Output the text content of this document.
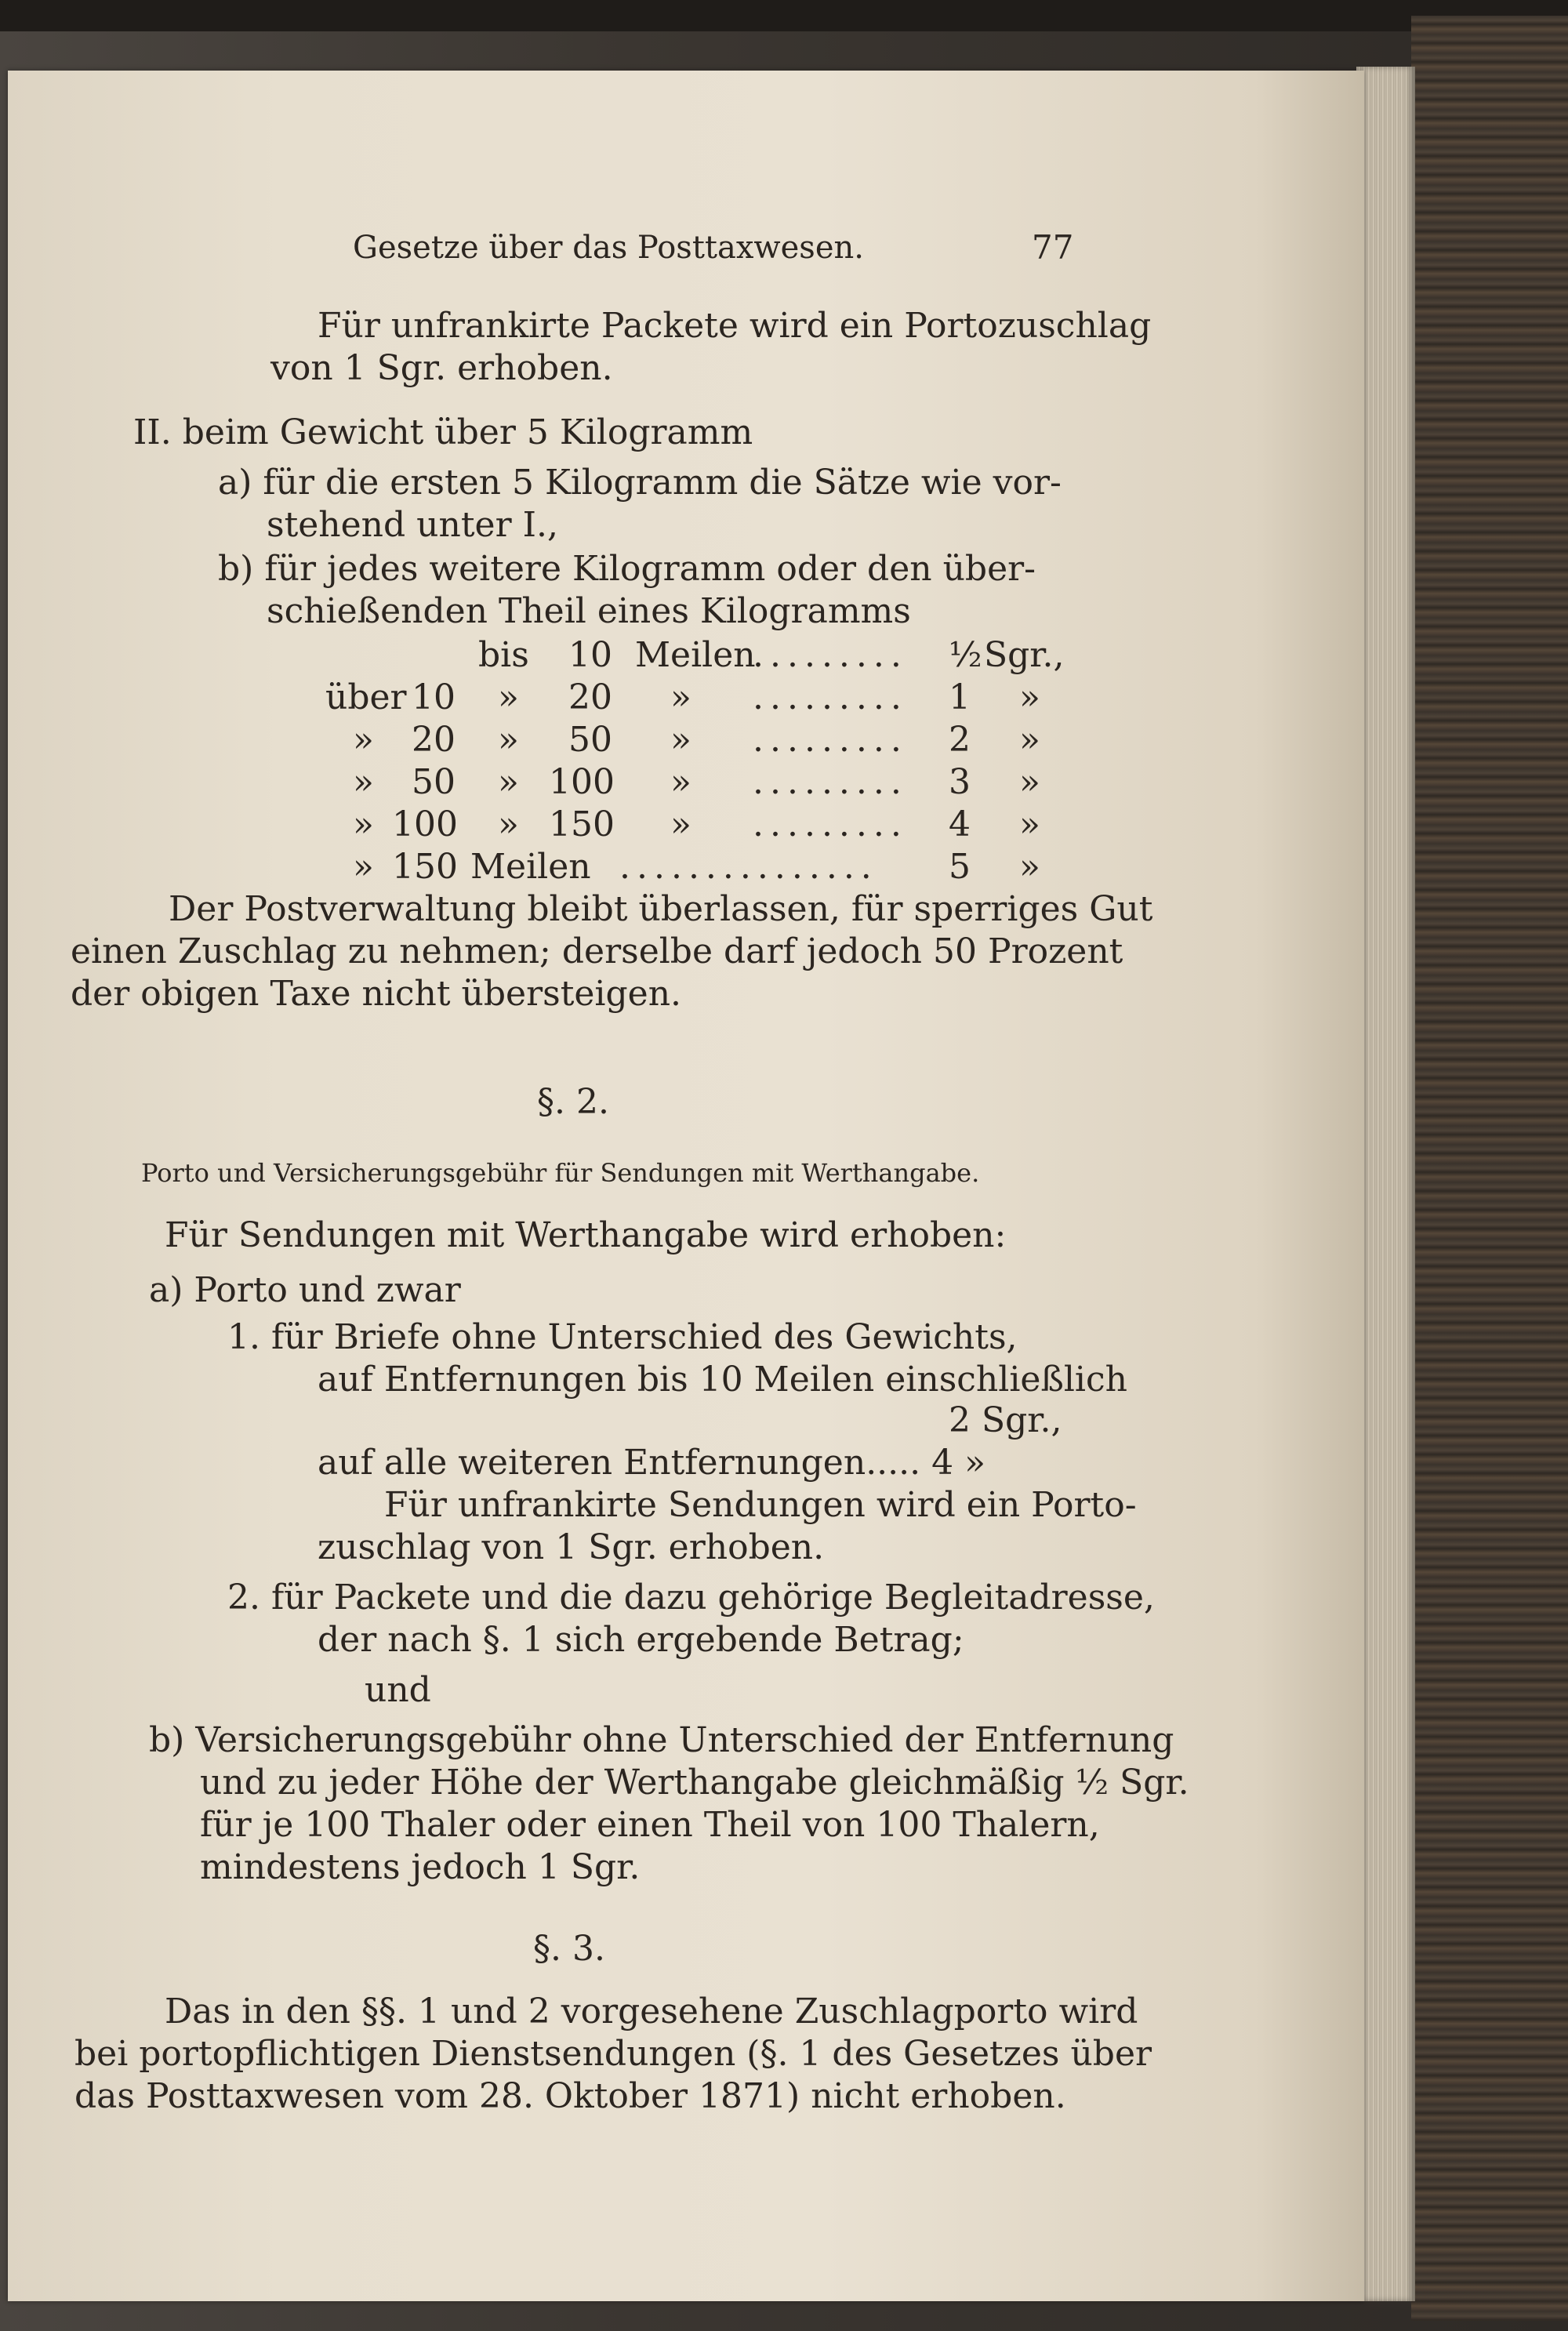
Gesetze über das Posttaxwesen.	77
Für unfrankirte Packete wird ein Portozuschlag
von 1 Sgr. erhoben.
II. beim Gewicht über 5 Kilogramm
a) für die ersten 5 Kilogramm die Sätze wie vor-
stehend unter I.,
b) für jedes weitere Kilogramm oder den über-
schießenden Theil eines Kilogramms
bis 10 Meilen
......... ½ Sgr.,
über 10 » 20 » ......... 1 »
» 20 » 50 » ......... 2 »
» 50 » 100 » ......... 3 »
» 100 » 150 » ......... 4 »
» 150 Meilen ............... 5 »
Der Postverwaltung bleibt überlassen, für sperriges Gut
einen Zuschlag zu nehmen; derselbe darf jedoch 50 Prozent
der obigen Taxe nicht übersteigen.
§. 2.
Porto und Versicherungsgebühr für Sendungen mit Werthangabe.
Für Sendungen mit Werthangabe wird erhoben:
a) Porto und zwar
1. für Briefe ohne Unterschied des Gewichts,
auf Entfernungen bis 10 Meilen einschließlich
2 Sgr.,
auf alle weiteren Entfernungen..... 4 »
Für unfrankirte Sendungen wird ein Porto-
zuschlag von 1 Sgr. erhoben.
2. für Packete und die dazu gehörige Begleitadresse,
der nach §. 1 sich ergebende Betrag;
und
b) Versicherungsgebühr ohne Unterschied der Entfernung
und zu jeder Höhe der Werthangabe gleichmäßig ½ Sgr.
für je 100 Thaler oder einen Theil von 100 Thalern,
mindestens jedoch 1 Sgr.
§. 3.
Das in den §§. 1 und 2 vorgesehene Zuschlagporto wird
bei portopflichtigen Dienstsendungen (§. 1 des Gesetzes über
das Posttaxwesen vom 28. Oktober 1871) nicht erhoben.
